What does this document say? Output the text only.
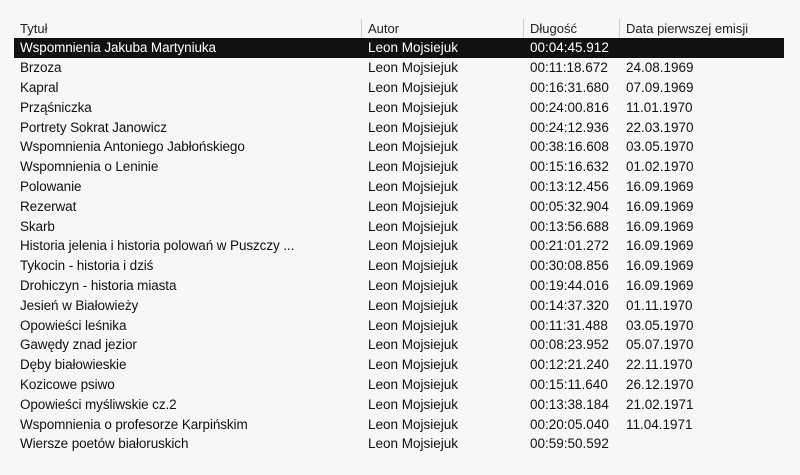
Tytuł	Autor	Długość	Data pierwszej emisji
Wspomnienia Jakuba Martyniuka	Leon Mojsiejuk	00:04:45.912
Brzoza	Leon Mojsiejuk	00:11:18.672	24.08.1969
Kapral	Leon Mojsiejuk	00:16:31.680	07.09.1969
Prząśniczka	Leon Mojsiejuk	00:24:00.816	11.01.1970
Portrety Sokrat Janowicz	Leon Mojsiejuk	00:24:12.936	22.03.1970
Wspomnienia Antoniego Jabłońskiego	Leon Mojsiejuk	00:38:16.608	03.05.1970
Wspomnienia o Leninie	Leon Mojsiejuk	00:15:16.632	01.02.1970
Polowanie	Leon Mojsiejuk	00:13:12.456	16.09.1969
Rezerwat	Leon Mojsiejuk	00:05:32.904	16.09.1969
Skarb	Leon Mojsiejuk	00:13:56.688	16.09.1969
Historia jelenia i historia polowań w Puszczy ...	Leon Mojsiejuk	00:21:01.272	16.09.1969
Tykocin - historia i dziś	Leon Mojsiejuk	00:30:08.856	16.09.1969
Drohiczyn - historia miasta	Leon Mojsiejuk	00:19:44.016	16.09.1969
Jesień w Białowieży	Leon Mojsiejuk	00:14:37.320	01.11.1970
Opowieści leśnika	Leon Mojsiejuk	00:11:31.488	03.05.1970
Gawędy znad jezior	Leon Mojsiejuk	00:08:23.952	05.07.1970
Dęby białowieskie	Leon Mojsiejuk	00:12:21.240	22.11.1970
Kozicowe psiwo	Leon Mojsiejuk	00:15:11.640	26.12.1970
Opowieści myśliwskie cz.2	Leon Mojsiejuk	00:13:38.184	21.02.1971
Wspomnienia o profesorze Karpińskim	Leon Mojsiejuk	00:20:05.040	11.04.1971
Wiersze poetów białoruskich	Leon Mojsiejuk	00:59:50.592
